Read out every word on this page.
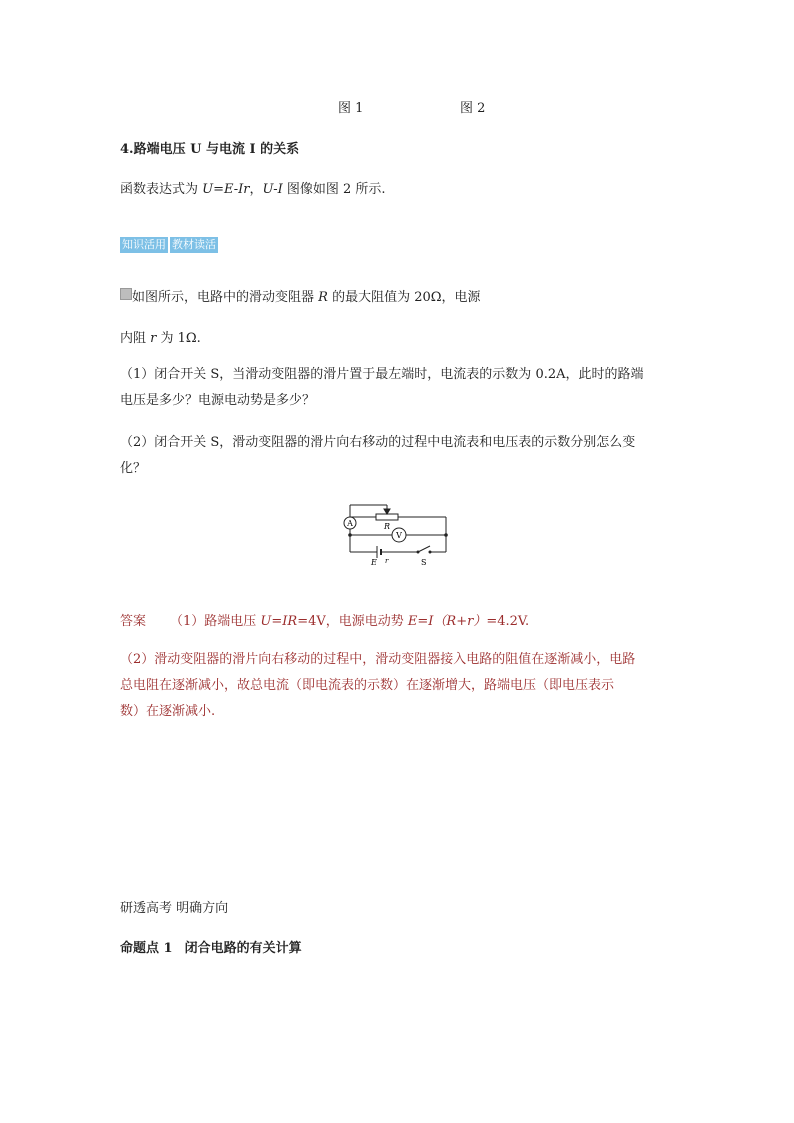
图 1	图 2
4.路端电压 U 与电流 I 的关系
函数表达式为 U=E-Ir，U-I 图像如图 2 所示.
知识活用 教材读活
如图所示，电路中的滑动变阻器 R 的最大阻值为 20Ω，电源
内阻 r 为 1Ω.
（1）闭合开关 S，当滑动变阻器的滑片置于最左端时，电流表的示数为 0.2A，此时的路端
电压是多少？电源电动势是多少？
（2）闭合开关 S，滑动变阻器的滑片向右移动的过程中电流表和电压表的示数分别怎么变
化？
A
V
R
E r	S
答案 （1）路端电压 U=IR=4V，电源电动势 E=I（R+r）=4.2V.
（2）滑动变阻器的滑片向右移动的过程中，滑动变阻器接入电路的阻值在逐渐减小，电路
总电阻在逐渐减小，故总电流（即电流表的示数）在逐渐增大，路端电压（即电压表示
数）在逐渐减小.
研透高考 明确方向
命题点 1 闭合电路的有关计算
